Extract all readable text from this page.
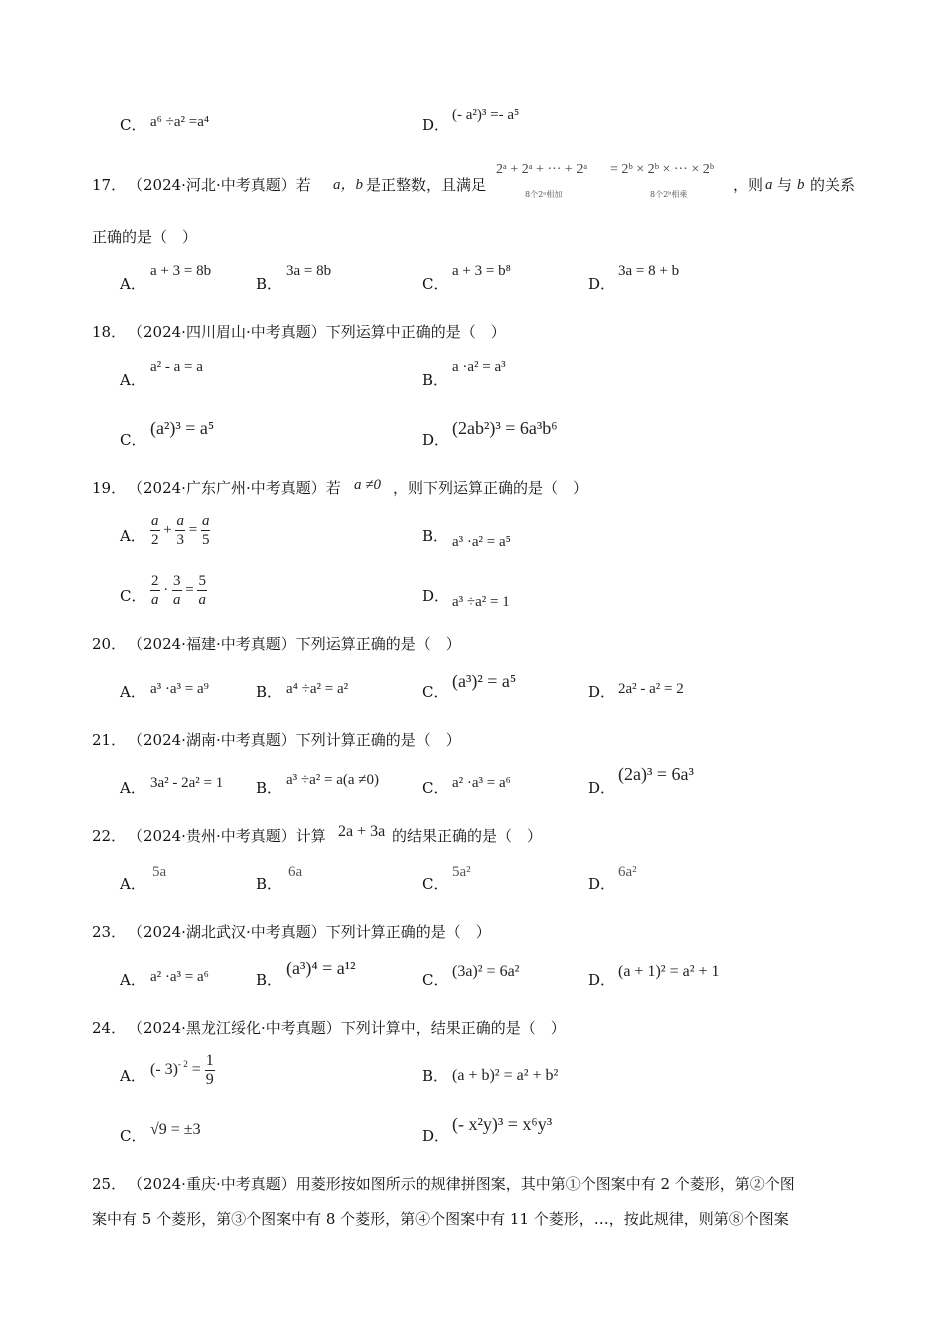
C． a⁶ ÷a² =a⁴	D．
(- a²)³ =- a⁵
17． （2024·河北·中考真题）若 a，b 是正整数，且满足
2ᵃ + 2ᵃ + ··· + 2ᵃ = 2ᵇ × 2ᵇ × ··· × 2ᵇ
8个2ᵃ相加	8个2ᵇ相乘
，则 a 与 b 的关系
正确的是（　）
A．
a + 3 = 8b
B．
3a = 8b
C．
a + 3 = b⁸
D．
3a = 8 + b
18． （2024·四川眉山·中考真题）下列运算中正确的是（　）
A．
a² - a = a
B．
a ·a² = a³
C．
(a²)³ = a⁵
D．
(2ab²)³ = 6a³b⁶
19． （2024·广东广州·中考真题）若 a ≠0 ，则下列运算正确的是（　）
A． $\frac{a}{2} + \frac{a}{3} = \frac{a}{5}$	B． a³ ·a² = a⁵
C． $\frac{2}{a} \cdot \frac{3}{a} = \frac{5}{a}$	D． a³ ÷a² = 1
20． （2024·福建·中考真题）下列运算正确的是（　）
A． a³ ·a³ = a⁹	B． a⁴ ÷a² = a²	C．
(a³)² = a⁵
D． 2a² - a² = 2
21． （2024·湖南·中考真题）下列计算正确的是（　）
A． 3a² - 2a² = 1 B． a³ ÷a² = a(a ≠0)	C． a² ·a³ = a⁶	D．
(2a)³ = 6a³
22． （2024·贵州·中考真题）计算 2a + 3a 的结果正确的是（　）
A．
5a
B．
6a
C．
5a²
D．
6a²
23． （2024·湖北武汉·中考真题）下列计算正确的是（　）
A． a² ·a³ = a⁶	B．
(a³)⁴ = a¹²
C． (3a)² = 6a²	D． (a + 1)² = a² + 1
24． （2024·黑龙江绥化·中考真题）下列计算中，结果正确的是（　）
A． (- $3)^{- 2} = \frac{1}{9}$	B． (a + b)² = a² + b²
C． √9 = ±3	D．
(- x²y)³ = x⁶y³
25． （2024·重庆·中考真题）用菱形按如图所示的规律拼图案，其中第①个图案中有 2 个菱形，第②个图
案中有 5 个菱形，第③个图案中有 8 个菱形，第④个图案中有 11 个菱形，…，按此规律，则第⑧个图案
